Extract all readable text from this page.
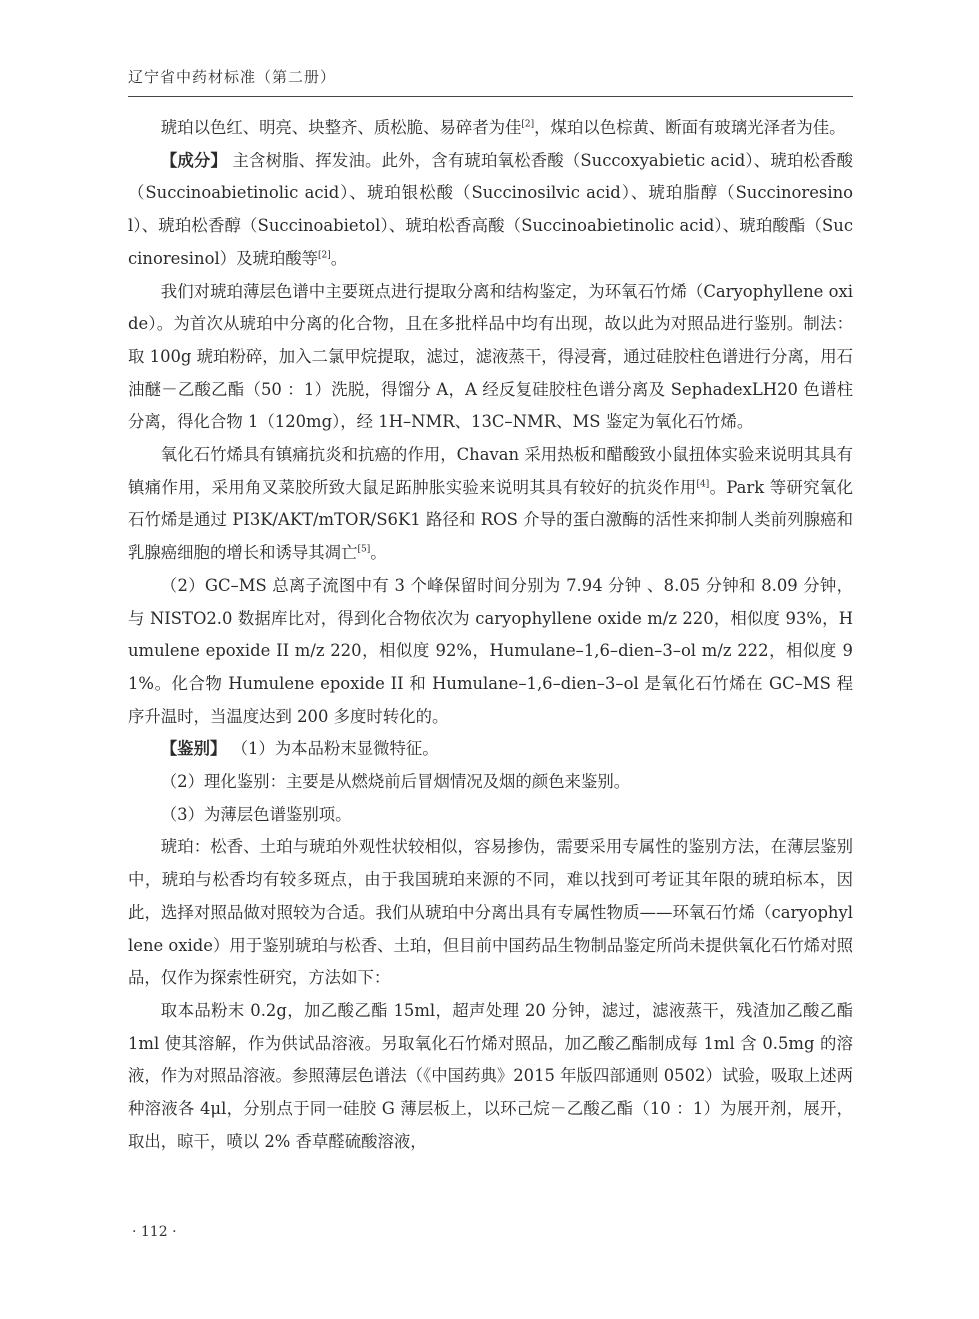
辽宁省中药材标准（第二册）

琥珀以色红、明亮、块整齐、质松脆、易碎者为佳[2]，煤珀以色棕黄、断面有玻璃光泽者为佳。

【成分】 主含树脂、挥发油。此外，含有琥珀氧松香酸（Succoxyabietic acid）、琥珀松香酸（Succinoabietinolic acid）、琥珀银松酸（Succinosilvic acid）、琥珀脂醇（Succinoresinol）、琥珀松香醇（Succinoabietol）、琥珀松香高酸（Succinoabietinolic acid）、琥珀酸酯（Succinoresinol）及琥珀酸等[2]。

我们对琥珀薄层色谱中主要斑点进行提取分离和结构鉴定，为环氧石竹烯（Caryophyllene oxide）。为首次从琥珀中分离的化合物，且在多批样品中均有出现，故以此为对照品进行鉴别。制法：取 100g 琥珀粉碎，加入二氯甲烷提取，滤过，滤液蒸干，得浸膏，通过硅胶柱色谱进行分离，用石油醚－乙酸乙酯（50 ：1）洗脱，得馏分 A，A 经反复硅胶柱色谱分离及 SephadexLH20 色谱柱分离，得化合物 1（120mg），经 1H–NMR、13C–NMR、MS 鉴定为氧化石竹烯。

氧化石竹烯具有镇痛抗炎和抗癌的作用，Chavan 采用热板和醋酸致小鼠扭体实验来说明其具有镇痛作用，采用角叉菜胶所致大鼠足跖肿胀实验来说明其具有较好的抗炎作用[4]。Park 等研究氧化石竹烯是通过 PI3K/AKT/mTOR/S6K1 路径和 ROS 介导的蛋白激酶的活性来抑制人类前列腺癌和乳腺癌细胞的增长和诱导其凋亡[5]。

（2）GC–MS 总离子流图中有 3 个峰保留时间分别为 7.94 分钟 、8.05 分钟和 8.09 分钟，与 NISTO2.0 数据库比对，得到化合物依次为 caryophyllene oxide m/z 220，相似度 93%，Humulene epoxide II m/z 220，相似度 92%，Humulane–1,6–dien–3–ol m/z 222，相似度 91%。化合物 Humulene epoxide II 和 Humulane–1,6–dien–3–ol 是氧化石竹烯在 GC–MS 程序升温时，当温度达到 200 多度时转化的。

【鉴别】 （1）为本品粉末显微特征。

（2）理化鉴别：主要是从燃烧前后冒烟情况及烟的颜色来鉴别。

（3）为薄层色谱鉴别项。

琥珀：松香、土珀与琥珀外观性状较相似，容易掺伪，需要采用专属性的鉴别方法，在薄层鉴别中，琥珀与松香均有较多斑点，由于我国琥珀来源的不同，难以找到可考证其年限的琥珀标本，因此，选择对照品做对照较为合适。我们从琥珀中分离出具有专属性物质——环氧石竹烯（caryophyllene oxide）用于鉴别琥珀与松香、土珀，但目前中国药品生物制品鉴定所尚未提供氧化石竹烯对照品，仅作为探索性研究，方法如下：

取本品粉末 0.2g，加乙酸乙酯 15ml，超声处理 20 分钟，滤过，滤液蒸干，残渣加乙酸乙酯 1ml 使其溶解，作为供试品溶液。另取氧化石竹烯对照品，加乙酸乙酯制成每 1ml 含 0.5mg 的溶液，作为对照品溶液。参照薄层色谱法（《中国药典》2015 年版四部通则 0502）试验，吸取上述两种溶液各 4μl，分别点于同一硅胶 G 薄层板上，以环己烷－乙酸乙酯（10 ：1）为展开剂，展开，取出，晾干，喷以 2% 香草醛硫酸溶液，

· 112 ·
